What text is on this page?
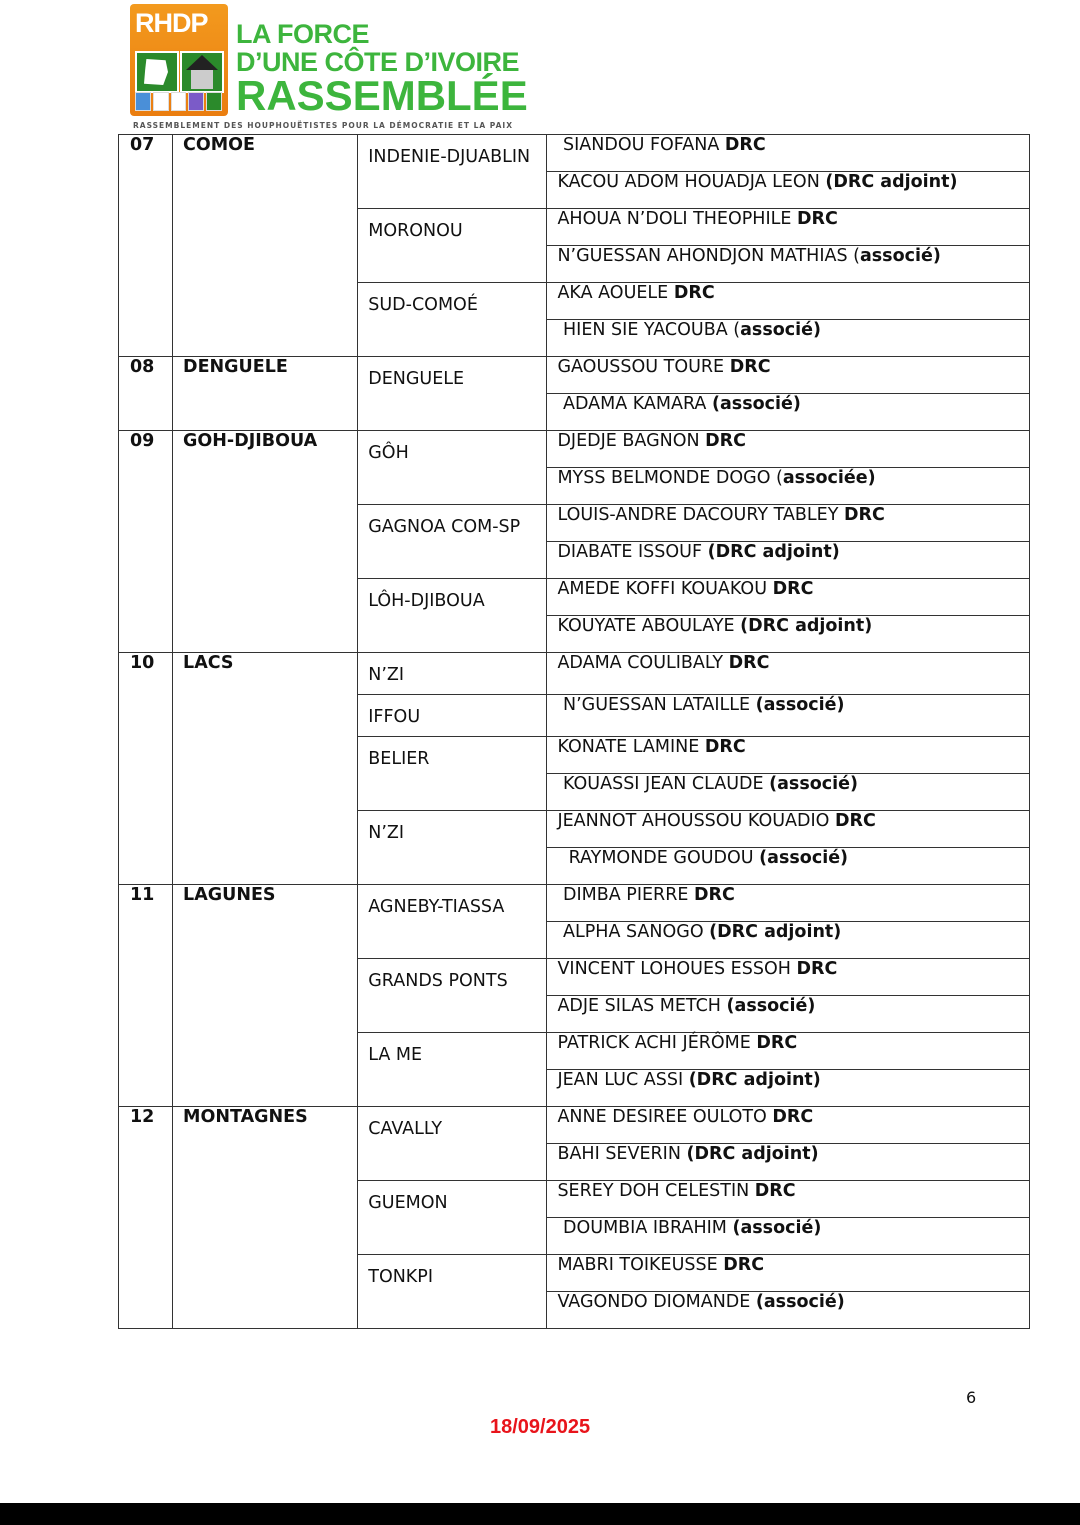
RHDP LA FORCE
D’UNE CÔTE D’IVOIRE
RASSEMBLÉE
RASSEMBLEMENT DES HOUPHOUËTISTES POUR LA DÉMOCRATIE ET LA PAIX
07	COMOE	INDENIE-DJUABLIN	SIANDOU FOFANA DRC
			KACOU ADOM HOUADJA LEON (DRC adjoint)
		MORONOU	AHOUA N’DOLI THEOPHILE DRC
			N’GUESSAN AHONDJON MATHIAS (associé)
		SUD-COMOÉ	AKA AOUELE DRC
			HIEN SIE YACOUBA (associé)
08	DENGUELE	DENGUELE	GAOUSSOU TOURE DRC
			ADAMA KAMARA (associé)
09	GOH-DJIBOUA	GÔH	DJEDJE BAGNON DRC
			MYSS BELMONDE DOGO (associée)
		GAGNOA COM-SP	LOUIS-ANDRE DACOURY TABLEY DRC
			DIABATE ISSOUF (DRC adjoint)
		LÔH-DJIBOUA	AMEDE KOFFI KOUAKOU DRC
			KOUYATE ABOULAYE (DRC adjoint)
10	LACS	N’ZI	ADAMA COULIBALY DRC
		IFFOU	N’GUESSAN LATAILLE (associé)
		BELIER	KONATE LAMINE DRC
			KOUASSI JEAN CLAUDE (associé)
		N’ZI	JEANNOT AHOUSSOU KOUADIO DRC
			RAYMONDE GOUDOU (associé)
11	LAGUNES	AGNEBY-TIASSA	DIMBA PIERRE DRC
			ALPHA SANOGO (DRC adjoint)
		GRANDS PONTS	VINCENT LOHOUES ESSOH DRC
			ADJE SILAS METCH (associé)
		LA ME	PATRICK ACHI JÉRÔME DRC
			JEAN LUC ASSI (DRC adjoint)
12	MONTAGNES	CAVALLY	ANNE DESIREE OULOTO DRC
			BAHI SEVERIN (DRC adjoint)
		GUEMON	SEREY DOH CELESTIN DRC
			DOUMBIA IBRAHIM (associé)
		TONKPI	MABRI TOIKEUSSE DRC
			VAGONDO DIOMANDE (associé)
6
18/09/2025
